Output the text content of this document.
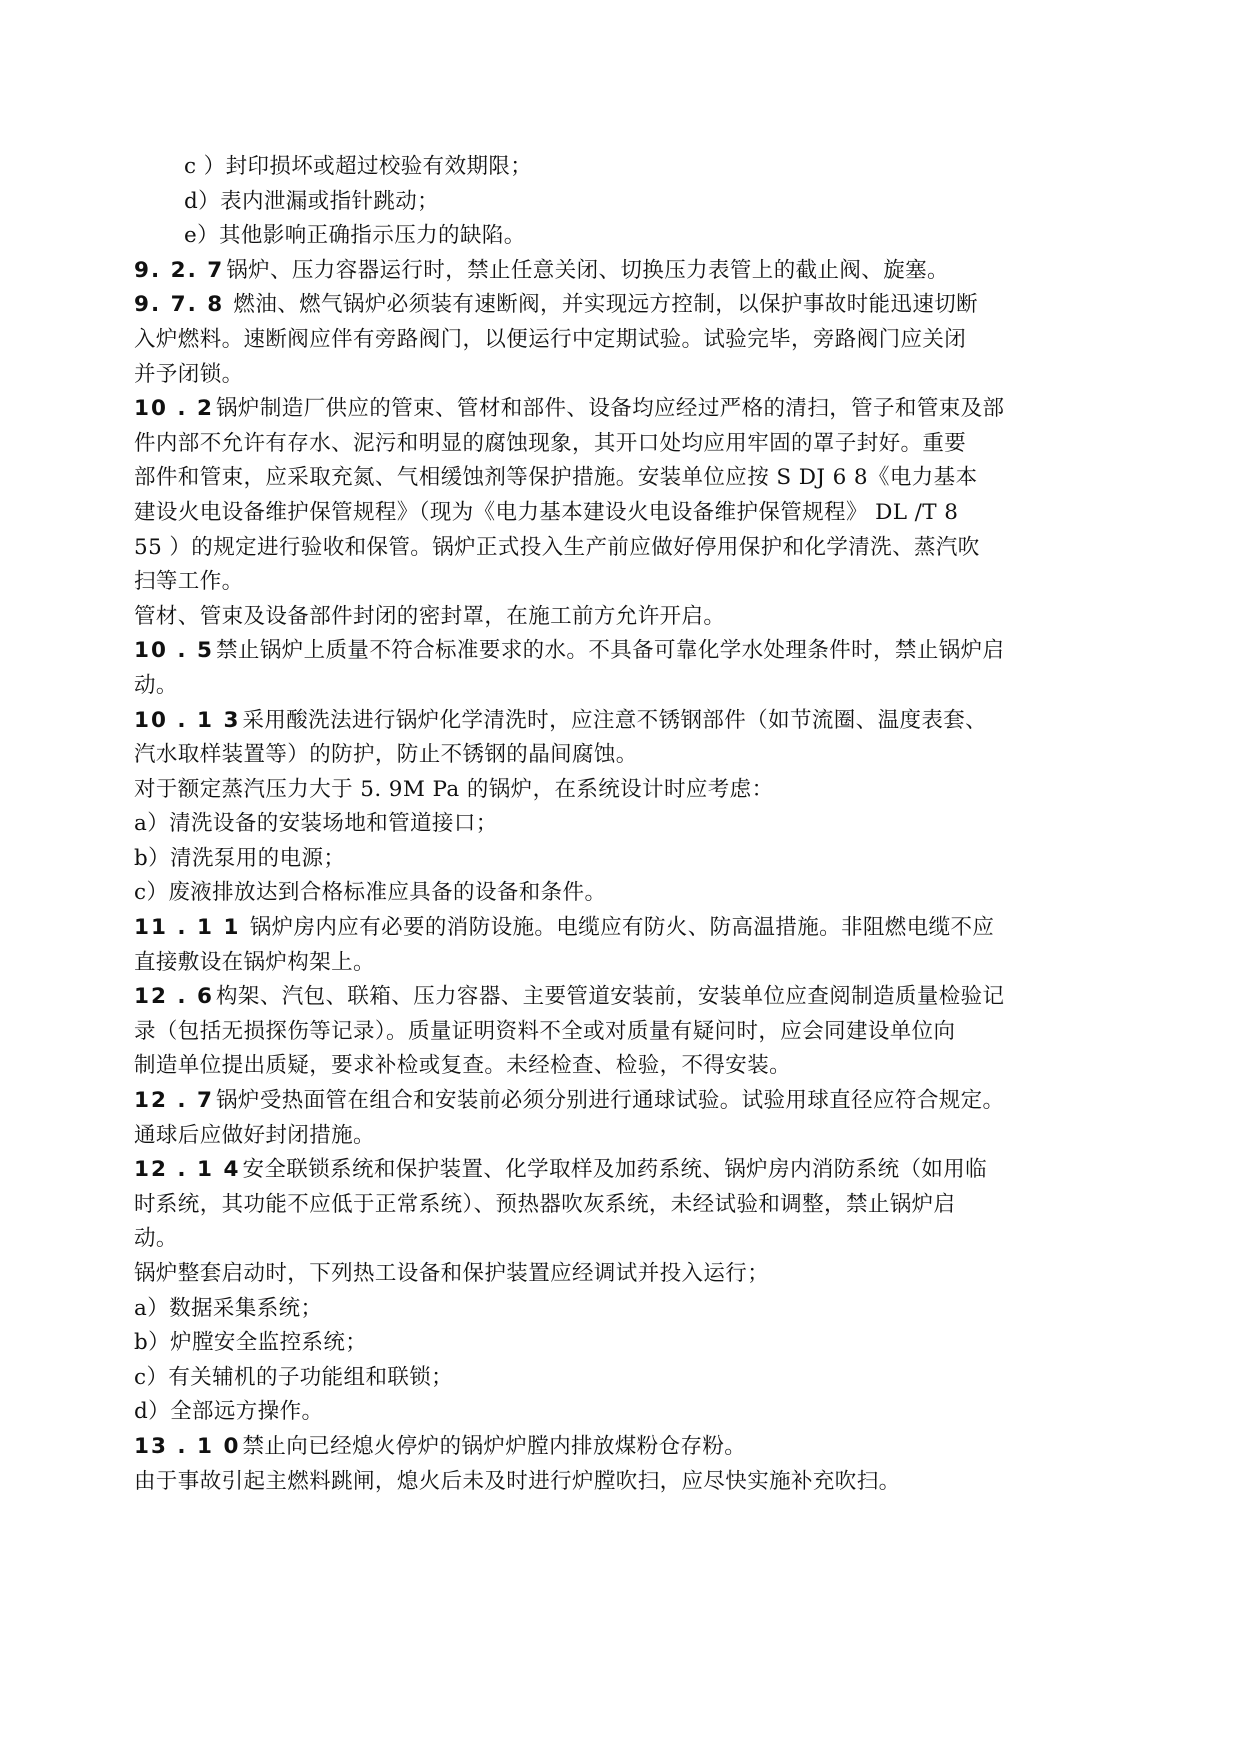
c ）封印损坏或超过校验有效期限；
d）表内泄漏或指针跳动；
e）其他影响正确指示压力的缺陷。
9. 2. 7锅炉、压力容器运行时，禁止任意关闭、切换压力表管上的截止阀、旋塞。
9. 7. 8 燃油、燃气锅炉必须装有速断阀，并实现远方控制，以保护事故时能迅速切断
入炉燃料。速断阀应伴有旁路阀门，以便运行中定期试验。试验完毕，旁路阀门应关闭
并予闭锁。
10 . 2锅炉制造厂供应的管束、管材和部件、设备均应经过严格的清扫，管子和管束及部
件内部不允许有存水、泥污和明显的腐蚀现象，其开口处均应用牢固的罩子封好。重要
部件和管束，应采取充氮、气相缓蚀剂等保护措施。安装单位应按 S DJ 6 8《电力基本
建设火电设备维护保管规程》（现为《电力基本建设火电设备维护保管规程》 DL /T 8
55 ）的规定进行验收和保管。锅炉正式投入生产前应做好停用保护和化学清洗、蒸汽吹
扫等工作。
管材、管束及设备部件封闭的密封罩，在施工前方允许开启。
10 . 5禁止锅炉上质量不符合标准要求的水。不具备可靠化学水处理条件时，禁止锅炉启
动。
10 . 1 3采用酸洗法进行锅炉化学清洗时，应注意不锈钢部件（如节流圈、温度表套、
汽水取样装置等）的防护，防止不锈钢的晶间腐蚀。
对于额定蒸汽压力大于 5. 9M Pa 的锅炉，在系统设计时应考虑：
a）清洗设备的安装场地和管道接口；
b）清洗泵用的电源；
c）废液排放达到合格标准应具备的设备和条件。
11 . 1 1 锅炉房内应有必要的消防设施。电缆应有防火、防高温措施。非阻燃电缆不应
直接敷设在锅炉构架上。
12 . 6构架、汽包、联箱、压力容器、主要管道安装前，安装单位应查阅制造质量检验记
录（包括无损探伤等记录）。质量证明资料不全或对质量有疑问时，应会同建设单位向
制造单位提出质疑，要求补检或复查。未经检查、检验，不得安装。
12 . 7锅炉受热面管在组合和安装前必须分别进行通球试验。试验用球直径应符合规定。
通球后应做好封闭措施。
12 . 1 4安全联锁系统和保护装置、化学取样及加药系统、锅炉房内消防系统（如用临
时系统，其功能不应低于正常系统）、预热器吹灰系统，未经试验和调整，禁止锅炉启
动。
锅炉整套启动时，下列热工设备和保护装置应经调试并投入运行；
a）数据采集系统；
b）炉膛安全监控系统；
c）有关辅机的子功能组和联锁；
d）全部远方操作。
13 . 1 0禁止向已经熄火停炉的锅炉炉膛内排放煤粉仓存粉。
由于事故引起主燃料跳闸，熄火后未及时进行炉膛吹扫，应尽快实施补充吹扫。
